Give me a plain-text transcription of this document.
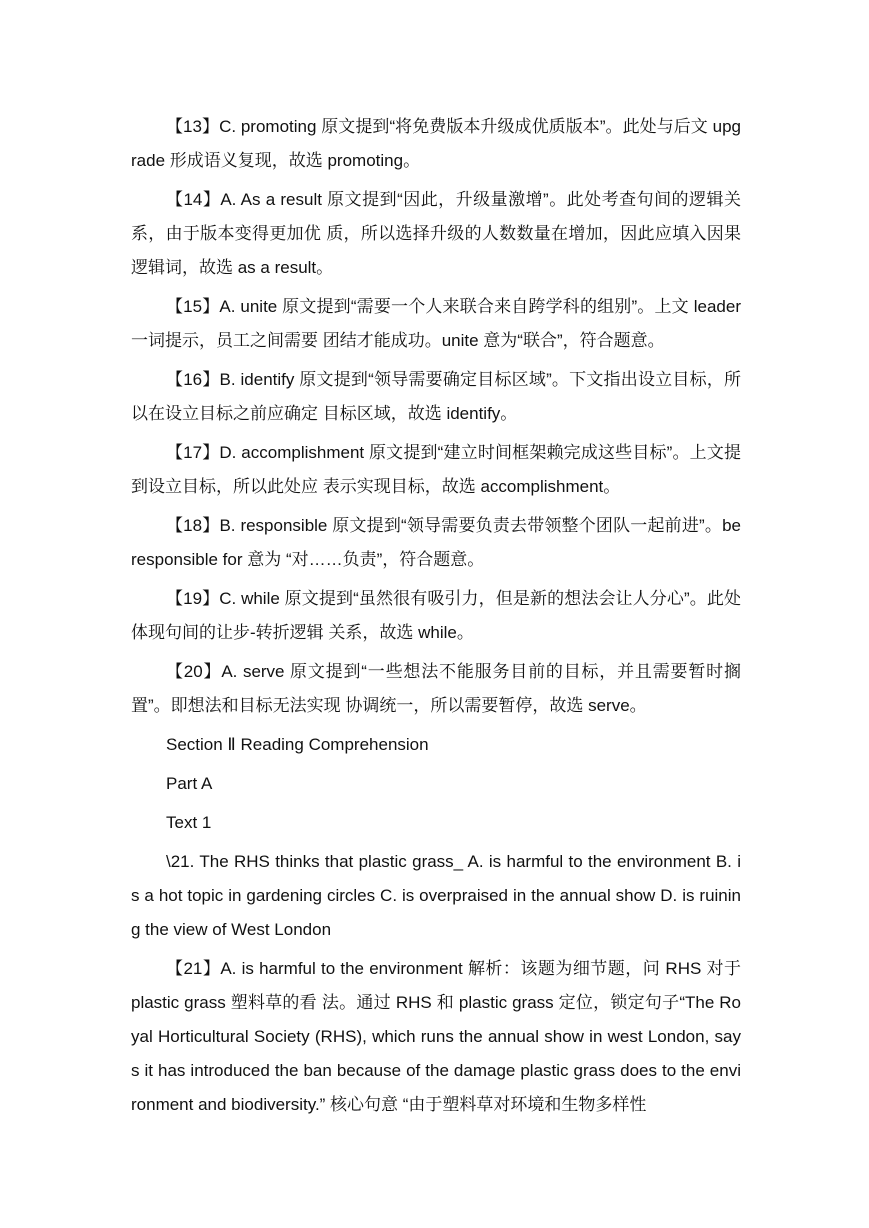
【13】C. promoting 原文提到“将免费版本升级成优质版本”。此处与后文 upgrade 形成语义复现，故选 promoting。

【14】A. As a result 原文提到“因此，升级量激增”。此处考查句间的逻辑关系，由于版本变得更加优 质，所以选择升级的人数数量在增加，因此应填入因果逻辑词，故选 as a result。

【15】A. unite 原文提到“需要一个人来联合来自跨学科的组别”。上文 leader 一词提示，员工之间需要 团结才能成功。unite 意为“联合”，符合题意。

【16】B. identify 原文提到“领导需要确定目标区域”。下文指出设立目标，所以在设立目标之前应确定 目标区域，故选 identify。

【17】D. accomplishment 原文提到“建立时间框架赖完成这些目标”。上文提到设立目标，所以此处应 表示实现目标，故选 accomplishment。

【18】B. responsible 原文提到“领导需要负责去带领整个团队一起前进”。be responsible for 意为 “对……负责”，符合题意。

【19】C. while 原文提到“虽然很有吸引力，但是新的想法会让人分心”。此处体现句间的让步-转折逻辑 关系，故选 while。

【20】A. serve 原文提到“一些想法不能服务目前的目标，并且需要暂时搁置”。即想法和目标无法实现 协调统一，所以需要暂停，故选 serve。

Section Ⅱ Reading Comprehension
Part A
Text 1

\21. The RHS thinks that plastic grass_ A. is harmful to the environment B. is a hot topic in gardening circles C. is overpraised in the annual show D. is ruining the view of West London

【21】A. is harmful to the environment 解析：该题为细节题，问 RHS 对于 plastic grass 塑料草的看 法。通过 RHS 和 plastic grass 定位，锁定句子“The Royal Horticultural Society (RHS), which runs the annual show in west London, says it has introduced the ban because of the damage plastic grass does to the environment and biodiversity.” 核心句意 “由于塑料草对环境和生物多样性
